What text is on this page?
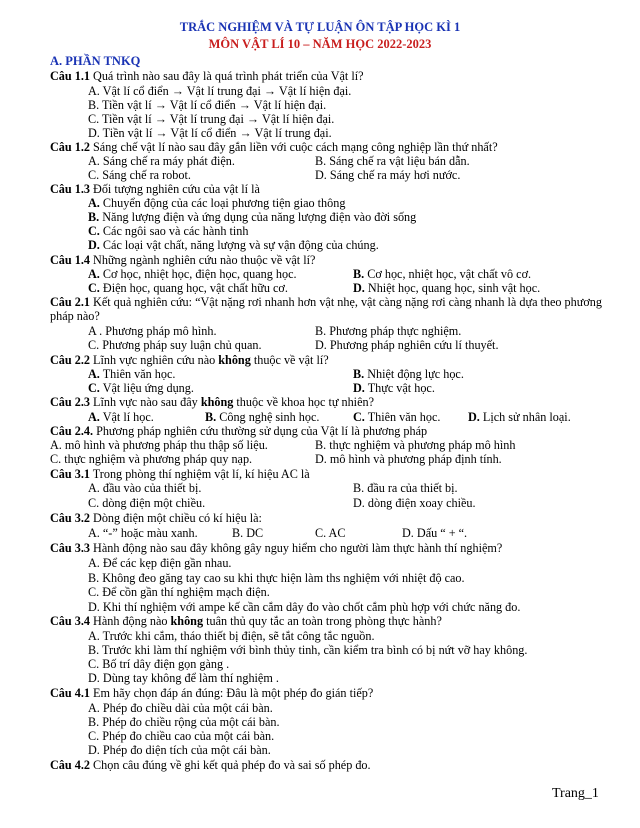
TRẮC NGHIỆM VÀ TỰ LUẬN ÔN TẬP HỌC KÌ 1
MÔN VẬT LÍ 10 – NĂM HỌC 2022-2023
A. PHẦN TNKQ
Câu 1.1 Quá trình nào sau đây là quá trình phát triển của Vật lí?
A. Vật lí cổ điển → Vật lí trung đại → Vật lí hiện đại.
B. Tiền vật lí → Vật lí cổ điển → Vật lí hiện đại.
C. Tiền vật lí → Vật lí trung đại → Vật lí hiện đại.
D. Tiền vật lí → Vật lí cổ điển → Vật lí trung đại.
Câu 1.2 Sáng chế vật lí nào sau đây gắn liền với cuộc cách mạng công nghiệp lần thứ nhất?
A. Sáng chế ra máy phát điện.	B. Sáng chế ra vật liệu bán dẫn.
C. Sáng chế ra robot.	D. Sáng chế ra máy hơi nước.
Câu 1.3 Đối tượng nghiên cứu của vật lí là
A. Chuyển động của các loại phương tiện giao thông
B. Năng lượng điện và ứng dụng của năng lượng điện vào đời sống
C. Các ngôi sao và các hành tinh
D. Các loại vật chất, năng lượng và sự vận động của chúng.
Câu 1.4 Những ngành nghiên cứu nào thuộc về vật lí?
A. Cơ học, nhiệt học, điện học, quang học.	B. Cơ học, nhiệt học, vật chất vô cơ.
C. Điện học, quang học, vật chất hữu cơ.	D. Nhiệt học, quang học, sinh vật học.
Câu 2.1 Kết quả nghiên cứu: “Vật nặng rơi nhanh hơn vật nhẹ, vật càng nặng rơi càng nhanh là dựa theo phương pháp nào?
A . Phương pháp mô hình.	B. Phương pháp thực nghiệm.
C. Phương pháp suy luận chủ quan.	D. Phương pháp nghiên cứu lí thuyết.
Câu 2.2 Lĩnh vực nghiên cứu nào không thuộc về vật lí?
A. Thiên văn học.	B. Nhiệt động lực học.
C. Vật liệu ứng dụng.	D. Thực vật học.
Câu 2.3 Lĩnh vực nào sau đây không thuộc về khoa học tự nhiên?
A. Vật lí học.	B. Công nghệ sinh học.	C. Thiên văn học. D. Lịch sử nhân loại.
Câu 2.4. Phương pháp nghiên cứu thường sử dụng của Vật lí là phương pháp
A. mô hình và phương pháp thu thập số liệu.	B. thực nghiệm và phương pháp mô hình
C. thực nghiệm và phương pháp quy nạp.	D. mô hình và phương pháp định tính.
Câu 3.1 Trong phòng thí nghiệm vật lí, kí hiệu AC là
A. đầu vào của thiết bị.	B. đầu ra của thiết bị.
C. dòng điện một chiều.	D. dòng điện xoay chiều.
Câu 3.2 Dòng điện một chiều có kí hiệu là:
A. “-” hoặc màu xanh.	B. DC	C. AC	D. Dấu “ + “.
Câu 3.3 Hành động nào sau đây không gây nguy hiểm cho người làm thực hành thí nghiệm?
A. Để các kẹp điện gần nhau.
B. Không đeo găng tay cao su khi thực hiện làm ths nghiệm với nhiệt độ cao.
C. Để cồn gần thí nghiệm mạch điện.
D. Khi thí nghiệm với ampe kế cần cắm dây đo vào chốt cắm phù hợp với chức năng đo.
Câu 3.4 Hành động nào không tuân thủ quy tắc an toàn trong phòng thực hành?
A. Trước khi cắm, tháo thiết bị điện, sẽ tắt công tắc nguồn.
B. Trước khi làm thí nghiệm với bình thủy tinh, cần kiểm tra bình có bị nứt vỡ hay không.
C. Bố trí dây điện gọn gàng .
D. Dùng tay không để làm thí nghiệm .
Câu 4.1 Em hãy chọn đáp án đúng: Đâu là một phép đo gián tiếp?
A. Phép đo chiều dài của một cái bàn.
B. Phép đo chiều rộng của một cái bàn.
C. Phép đo chiều cao của một cái bàn.
D. Phép đo diện tích của một cái bàn.
Câu 4.2 Chọn câu đúng về ghi kết quả phép đo và sai số phép đo.
Trang_1
